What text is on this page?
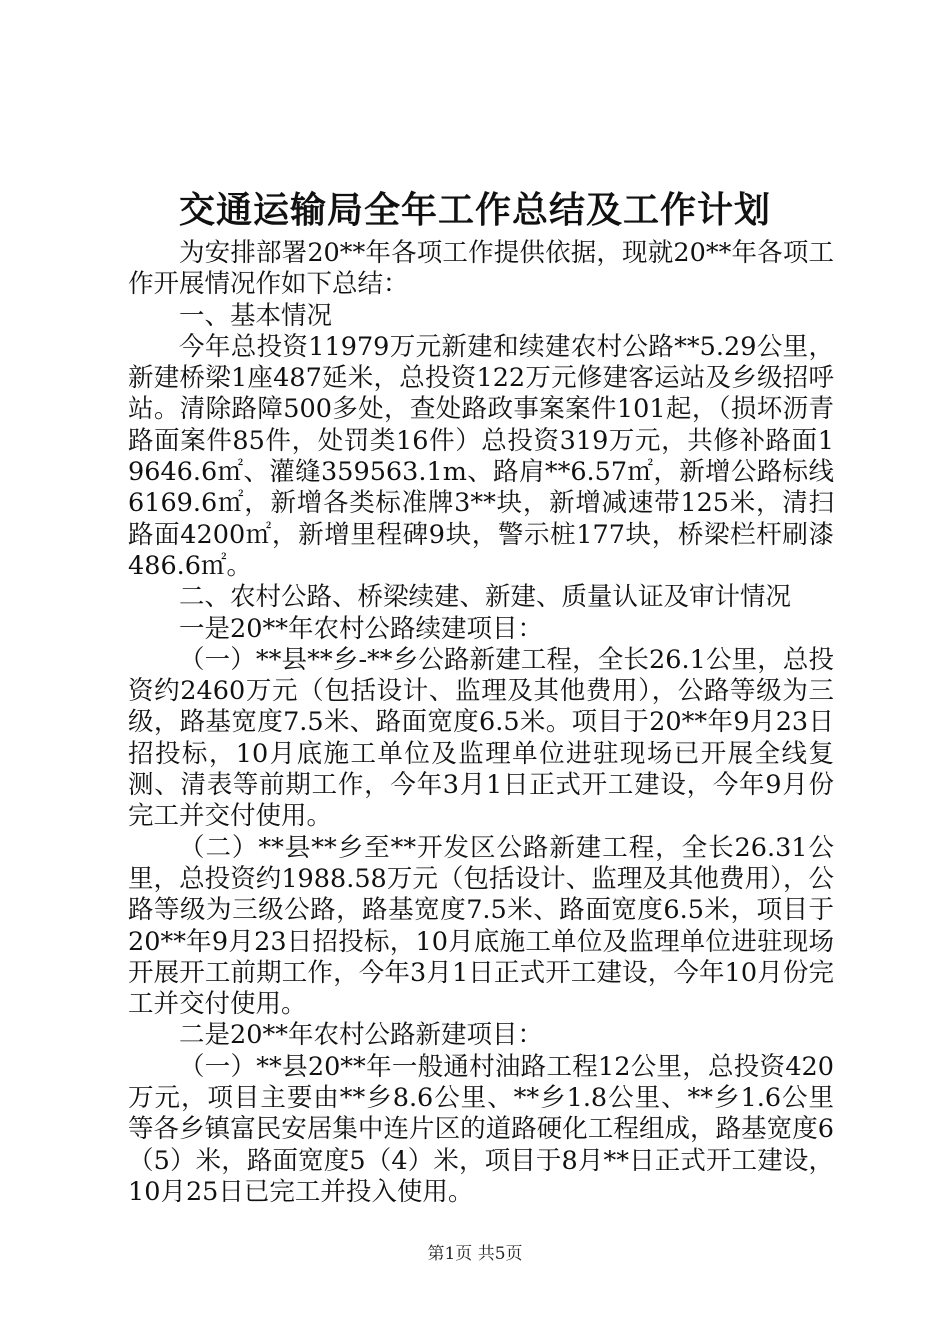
交通运输局全年工作总结及工作计划

为安排部署20**年各项工作提供依据，现就20**年各项工作开展情况作如下总结：

一、基本情况

今年总投资11979万元新建和续建农村公路**5.29公里，新建桥梁1座487延米，总投资122万元修建客运站及乡级招呼站。清除路障500多处，查处路政事案案件101起，（损坏沥青路面案件85件，处罚类16件）总投资319万元，共修补路面19646.6㎡、灌缝359563.1m、路肩**6.57㎡，新增公路标线6169.6㎡，新增各类标准牌3**块，新增减速带125米，清扫路面4200㎡，新增里程碑9块，警示桩177块，桥梁栏杆刷漆486.6㎡。

二、农村公路、桥梁续建、新建、质量认证及审计情况

一是20**年农村公路续建项目：

（一）**县**乡-**乡公路新建工程，全长26.1公里，总投资约2460万元（包括设计、监理及其他费用），公路等级为三级，路基宽度7.5米、路面宽度6.5米。项目于20**年9月23日招投标，10月底施工单位及监理单位进驻现场已开展全线复测、清表等前期工作，今年3月1日正式开工建设，今年9月份完工并交付使用。

（二）**县**乡至**开发区公路新建工程，全长26.31公里，总投资约1988.58万元（包括设计、监理及其他费用），公路等级为三级公路，路基宽度7.5米、路面宽度6.5米，项目于20**年9月23日招投标，10月底施工单位及监理单位进驻现场开展开工前期工作，今年3月1日正式开工建设，今年10月份完工并交付使用。

二是20**年农村公路新建项目：

（一）**县20**年一般通村油路工程12公里，总投资420万元，项目主要由**乡8.6公里、**乡1.8公里、**乡1.6公里等各乡镇富民安居集中连片区的道路硬化工程组成，路基宽度6（5）米，路面宽度5（4）米，项目于8月**日正式开工建设，10月25日已完工并投入使用。

第1页 共5页
